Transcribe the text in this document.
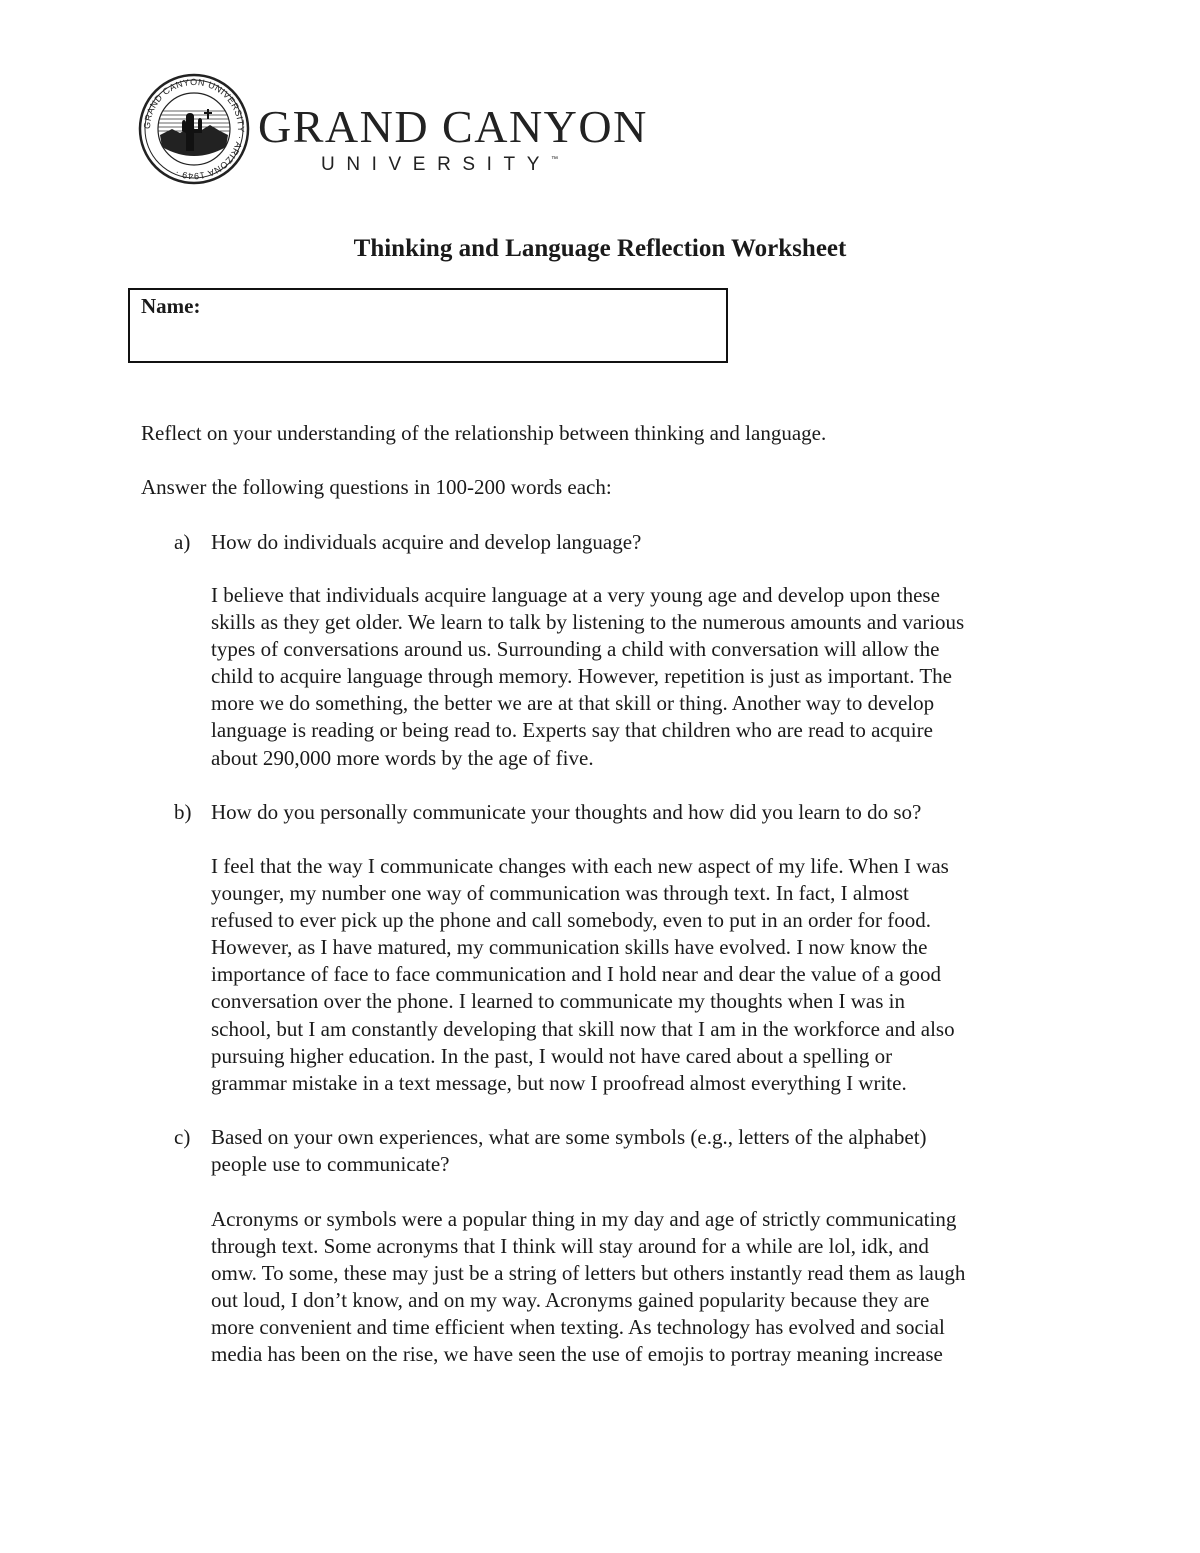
GRAND CANYON UNIVERSITY · ARIZONA 1949 ·
GRAND CANYON
UNIVERSITY™
Thinking and Language Reflection Worksheet
Name:
Reflect on your understanding of the relationship between thinking and language.
Answer the following questions in 100-200 words each:
a) How do individuals acquire and develop language?
I believe that individuals acquire language at a very young age and develop upon these
skills as they get older. We learn to talk by listening to the numerous amounts and various
types of conversations around us. Surrounding a child with conversation will allow the
child to acquire language through memory. However, repetition is just as important. The
more we do something, the better we are at that skill or thing. Another way to develop
language is reading or being read to. Experts say that children who are read to acquire
about 290,000 more words by the age of five.
b) How do you personally communicate your thoughts and how did you learn to do so?
I feel that the way I communicate changes with each new aspect of my life. When I was
younger, my number one way of communication was through text. In fact, I almost
refused to ever pick up the phone and call somebody, even to put in an order for food.
However, as I have matured, my communication skills have evolved. I now know the
importance of face to face communication and I hold near and dear the value of a good
conversation over the phone. I learned to communicate my thoughts when I was in
school, but I am constantly developing that skill now that I am in the workforce and also
pursuing higher education. In the past, I would not have cared about a spelling or
grammar mistake in a text message, but now I proofread almost everything I write.
c) Based on your own experiences, what are some symbols (e.g., letters of the alphabet)
people use to communicate?
Acronyms or symbols were a popular thing in my day and age of strictly communicating
through text. Some acronyms that I think will stay around for a while are lol, idk, and
omw. To some, these may just be a string of letters but others instantly read them as laugh
out loud, I don’t know, and on my way. Acronyms gained popularity because they are
more convenient and time efficient when texting. As technology has evolved and social
media has been on the rise, we have seen the use of emojis to portray meaning increase
